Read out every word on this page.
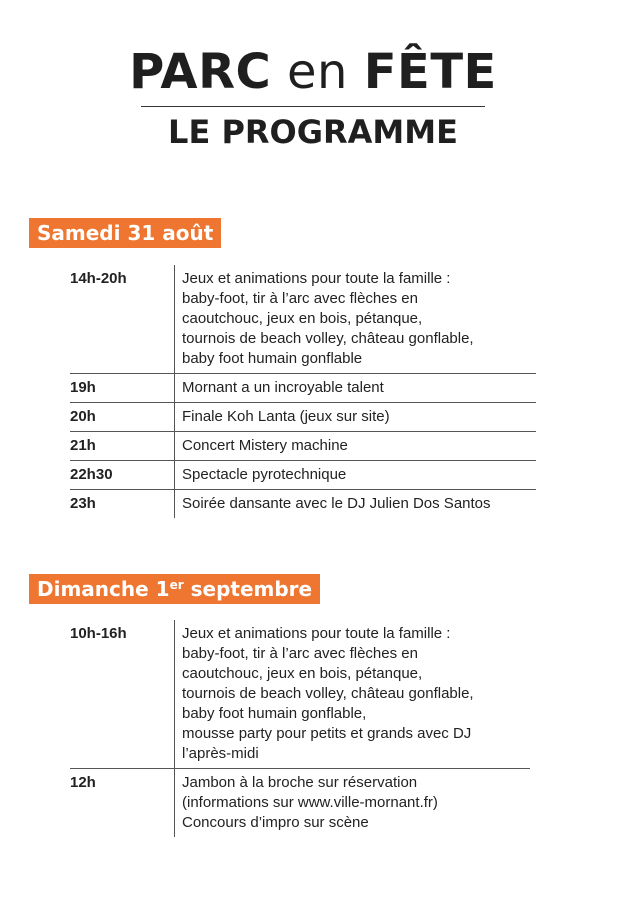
PARC en FÊTE
LE PROGRAMME
Samedi 31 août
14h-20h	Jeux et animations pour toute la famille :
baby-foot, tir à l’arc avec flèches en
caoutchouc, jeux en bois, pétanque,
tournois de beach volley, château gonflable,
baby foot humain gonflable
19h	Mornant a un incroyable talent
20h	Finale Koh Lanta (jeux sur site)
21h	Concert Mistery machine
22h30	Spectacle pyrotechnique
23h	Soirée dansante avec le DJ Julien Dos Santos
Dimanche 1er septembre
10h-16h	Jeux et animations pour toute la famille :
baby-foot, tir à l’arc avec flèches en
caoutchouc, jeux en bois, pétanque,
tournois de beach volley, château gonflable,
baby foot humain gonflable,
mousse party pour petits et grands avec DJ
l’après-midi
12h	Jambon à la broche sur réservation
(informations sur www.ville-mornant.fr)
Concours d’impro sur scène
